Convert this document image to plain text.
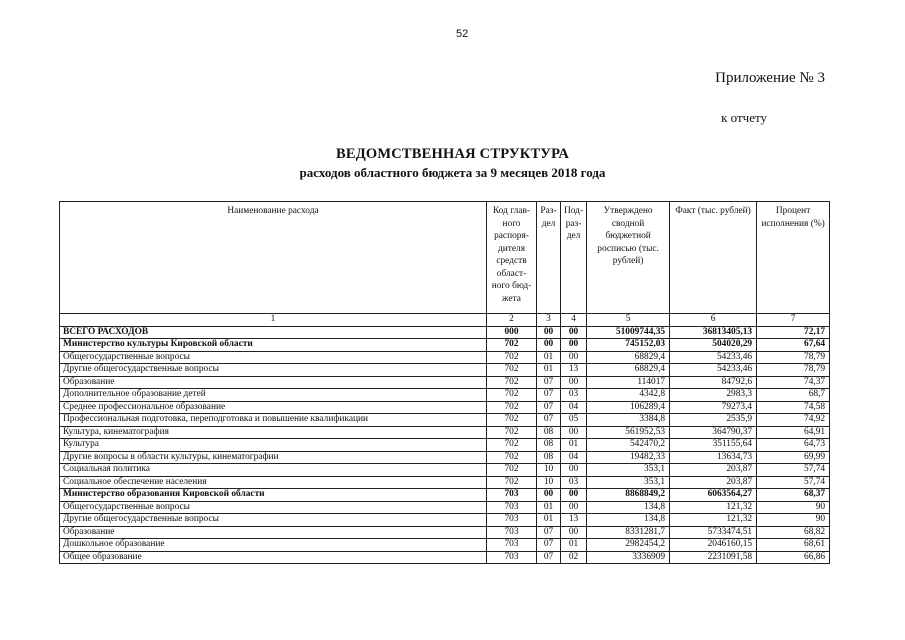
52
Приложение № 3
к отчету
ВЕДОМСТВЕННАЯ СТРУКТУРА
расходов областного бюджета за 9 месяцев 2018 года
Наименование расхода	Код глав-ного распоря-дителя средств област-ного бюд-жета	Раз-дел	Под-раз-дел	Утверждено сводной бюджетной росписью (тыс. рублей)	Факт (тыс. рублей)	Процент исполнения (%)
1	2	3	4	5	6	7
ВСЕГО РАСХОДОВ	000	00	00	51009744,35	36813405,13	72,17
Министерство культуры Кировской области	702	00	00	745152,03	504020,29	67,64
Общегосударственные вопросы	702	01	00	68829,4	54233,46	78,79
Другие общегосударственные вопросы	702	01	13	68829,4	54233,46	78,79
Образование	702	07	00	114017	84792,6	74,37
Дополнительное образование детей	702	07	03	4342,8	2983,3	68,7
Среднее профессиональное образование	702	07	04	106289,4	79273,4	74,58
Профессиональная подготовка, переподготовка и повышение квалификации	702	07	05	3384,8	2535,9	74,92
Культура, кинематография	702	08	00	561952,53	364790,37	64,91
Культура	702	08	01	542470,2	351155,64	64,73
Другие вопросы в области культуры, кинематографии	702	08	04	19482,33	13634,73	69,99
Социальная политика	702	10	00	353,1	203,87	57,74
Социальное обеспечение населения	702	10	03	353,1	203,87	57,74
Министерство образования Кировской области	703	00	00	8868849,2	6063564,27	68,37
Общегосударственные вопросы	703	01	00	134,8	121,32	90
Другие общегосударственные вопросы	703	01	13	134,8	121,32	90
Образование	703	07	00	8331281,7	5733474,51	68,82
Дошкольное образование	703	07	01	2982454,2	2046160,15	68,61
Общее образование	703	07	02	3336909	2231091,58	66,86
